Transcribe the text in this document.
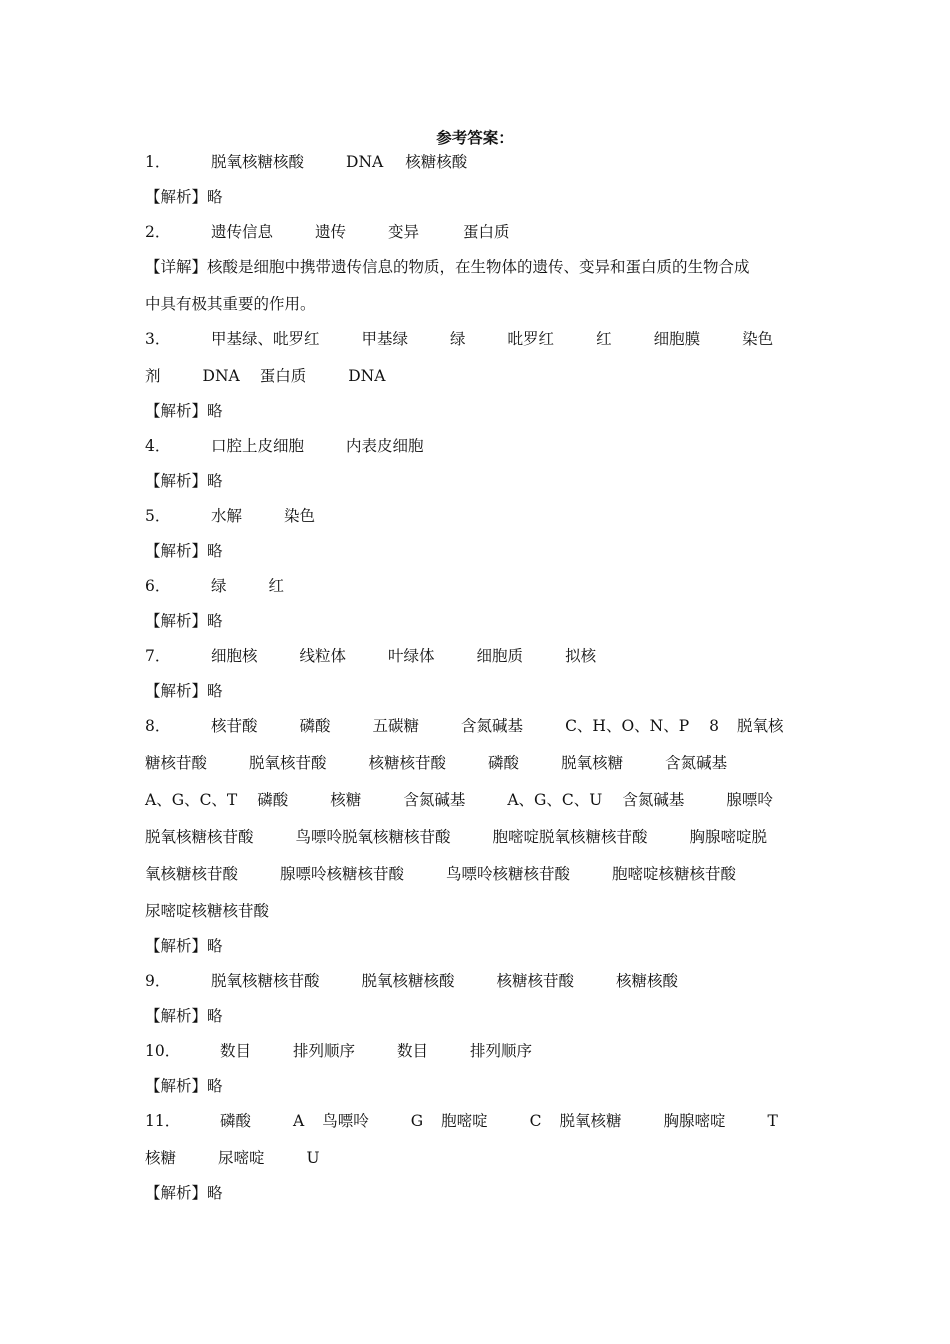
参考答案：
1．	脱氧核糖核酸	DNA 核糖核酸
【解析】略
2．	遗传信息	遗传	变异	蛋白质
【详解】核酸是细胞中携带遗传信息的物质，在生物体的遗传、变异和蛋白质的生物合成
中具有极其重要的作用。
3．	甲基绿、吡罗红	甲基绿	绿	吡罗红	红	细胞膜	染色
剂	DNA 蛋白质	DNA
【解析】略
4．	口腔上皮细胞	内表皮细胞
【解析】略
5．	水解	染色
【解析】略
6．	绿	红
【解析】略
7．	细胞核	线粒体	叶绿体	细胞质	拟核
【解析】略
8．	核苷酸	磷酸	五碳糖	含氮碱基	C、H、O、N、P 8 脱氧核
糖核苷酸	脱氧核苷酸	核糖核苷酸	磷酸	脱氧核糖	含氮碱基
A、G、C、T 磷酸	核糖	含氮碱基	A、G、C、U 含氮碱基	腺嘌呤
脱氧核糖核苷酸	鸟嘌呤脱氧核糖核苷酸	胞嘧啶脱氧核糖核苷酸	胸腺嘧啶脱
氧核糖核苷酸	腺嘌呤核糖核苷酸	鸟嘌呤核糖核苷酸	胞嘧啶核糖核苷酸
尿嘧啶核糖核苷酸
【解析】略
9．	脱氧核糖核苷酸	脱氧核糖核酸	核糖核苷酸	核糖核酸
【解析】略
10．	数目	排列顺序	数目	排列顺序
【解析】略
11．	磷酸	A 鸟嘌呤	G 胞嘧啶	C 脱氧核糖	胸腺嘧啶	T
核糖	尿嘧啶	U
【解析】略
